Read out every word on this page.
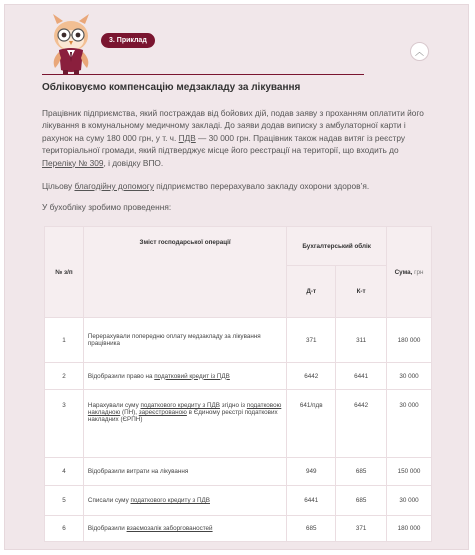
3. Приклад
︿
Обліковуємо компенсацію медзакладу за лікування

Працівник підприємства, який постраждав від бойових дій, подав заяву з проханням оплатити його лікування в комунальному медичному закладі. До заяви додав виписку з амбулаторної карти і рахунок на суму 180 000 грн, у т. ч. ПДВ — 30 000 грн. Працівник також надав витяг із реєстру територіальної громади, який підтверджує місце його реєстрації на території, що входить до Переліку № 309, і довідку ВПО.

Цільову благодійну допомогу підприємство перерахувало закладу охорони здоров’я.

У бухобліку зробимо проведення:

№ з/п	Зміст господарської операції	Бухгалтерський облік		Сума, грн
		Д-т	К-т	
1	Перерахували попередню оплату медзакладу за лікування працівника	371	311	180 000
2	Відобразили право на податковий кредит із ПДВ	6442	6441	30 000
3	Нарахували суму податкового кредиту з ПДВ згідно із податковою накладною (ПН), зареєстрованою в Єдиному реєстрі податкових накладних (ЄРПН)	641/пдв	6442	30 000
4	Відобразили витрати на лікування	949	685	150 000
5	Списали суму податкового кредиту з ПДВ	6441	685	30 000
6	Відобразили взаємозалік заборгованостей	685	371	180 000
